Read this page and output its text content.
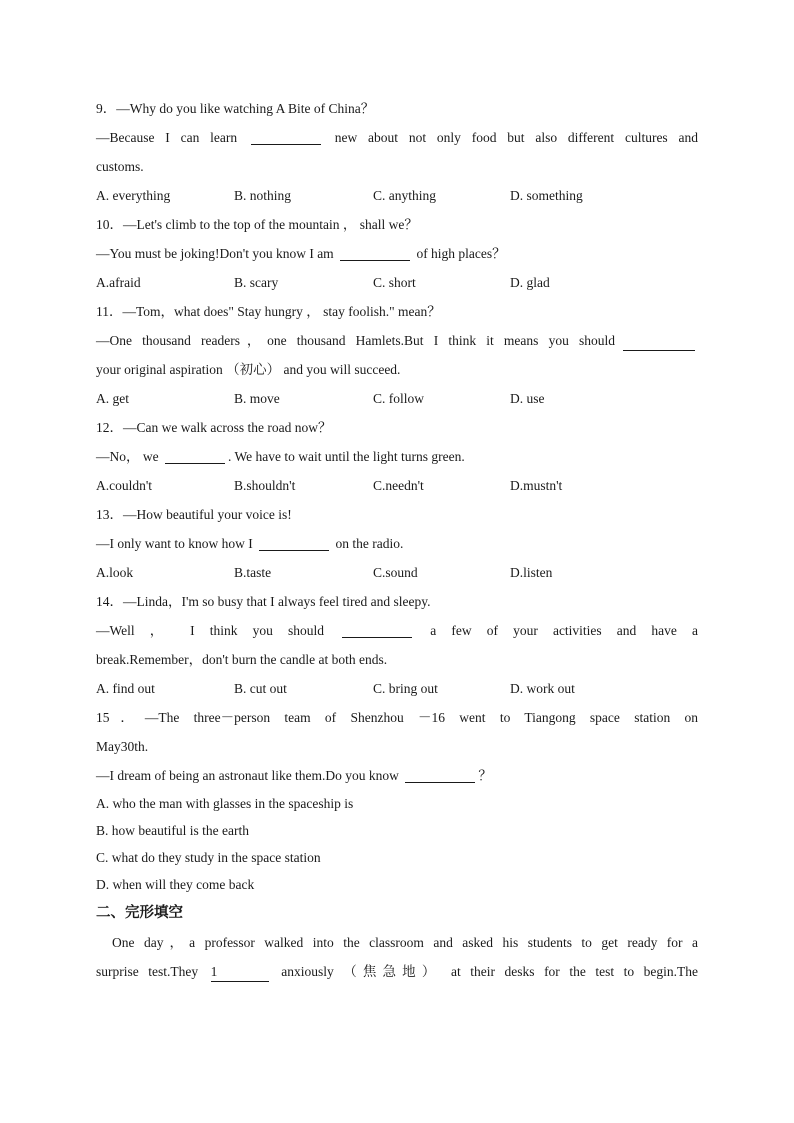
9．—Why do you like watching A Bite of China？
—Because I can learn	new about not only food but also different cultures and
customs.
A. everything	B. nothing	C. anything	D. something
10．—Let's climb to the top of the mountain ， shall we？
—You must be joking!Don't you know I am	of high places？
A.afraid	B. scary	C. short	D. glad
11．—Tom，what does" Stay hungry ， stay foolish." mean？
—One thousand readers，one thousand Hamlets.But I think it means you should
your original aspiration （初心） and you will succeed.
A. get	B. move	C. follow	D. use
12．—Can we walk across the road now？
—No， we	. We have to wait until the light turns green.
A.couldn't	B.shouldn't	C.needn't	D.mustn't
13．—How beautiful your voice is!
—I only want to know how I	on the radio.
A.look	B.taste	C.sound	D.listen
14．—Linda，I'm so busy that I always feel tired and sleepy.
—Well ， I think you should	a few of your activities and have a
break.Remember，don't burn the candle at both ends.
A. find out	B. cut out	C. bring out	D. work out
15．—The three－person team of Shenzhou －16 went to Tiangong space station on
May30th.
—I dream of being an astronaut like them.Do you know	？
A. who the man with glasses in the spaceship is
B. how beautiful is the earth
C. what do they study in the space station
D. when will they come back
二、完形填空
One day，a professor walked into the classroom and asked his students to get ready for a
surprise test.They 1	anxiously （焦急地） at their desks for the test to begin.The
